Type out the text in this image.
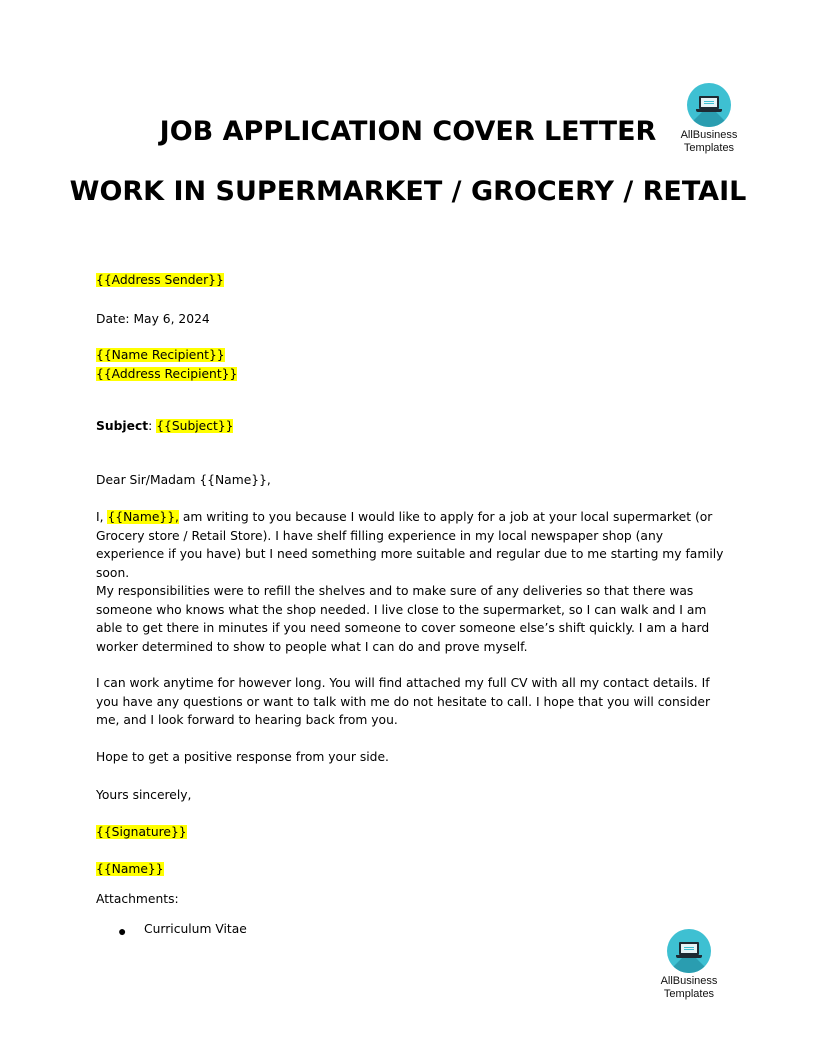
JOB APPLICATION COVER LETTER
WORK IN SUPERMARKET / GROCERY / RETAIL
AllBusiness
Templates
{{Address Sender}}
Date: May 6, 2024
{{Name Recipient}}
{{Address Recipient}}
Subject: {{Subject}}
Dear Sir/Madam {{Name}},
I, {{Name}}, am writing to you because I would like to apply for a job at your local supermarket (or Grocery store / Retail Store). I have shelf filling experience in my local newspaper shop (any experience if you have) but I need something more suitable and regular due to me starting my family soon.
My responsibilities were to refill the shelves and to make sure of any deliveries so that there was someone who knows what the shop needed. I live close to the supermarket, so I can walk and I am able to get there in minutes if you need someone to cover someone else’s shift quickly. I am a hard worker determined to show to people what I can do and prove myself.
I can work anytime for however long. You will find attached my full CV with all my contact details. If you have any questions or want to talk with me do not hesitate to call. I hope that you will consider me, and I look forward to hearing back from you.
Hope to get a positive response from your side.
Yours sincerely,
{{Signature}}
{{Name}}
Attachments:
● Curriculum Vitae
AllBusiness
Templates
